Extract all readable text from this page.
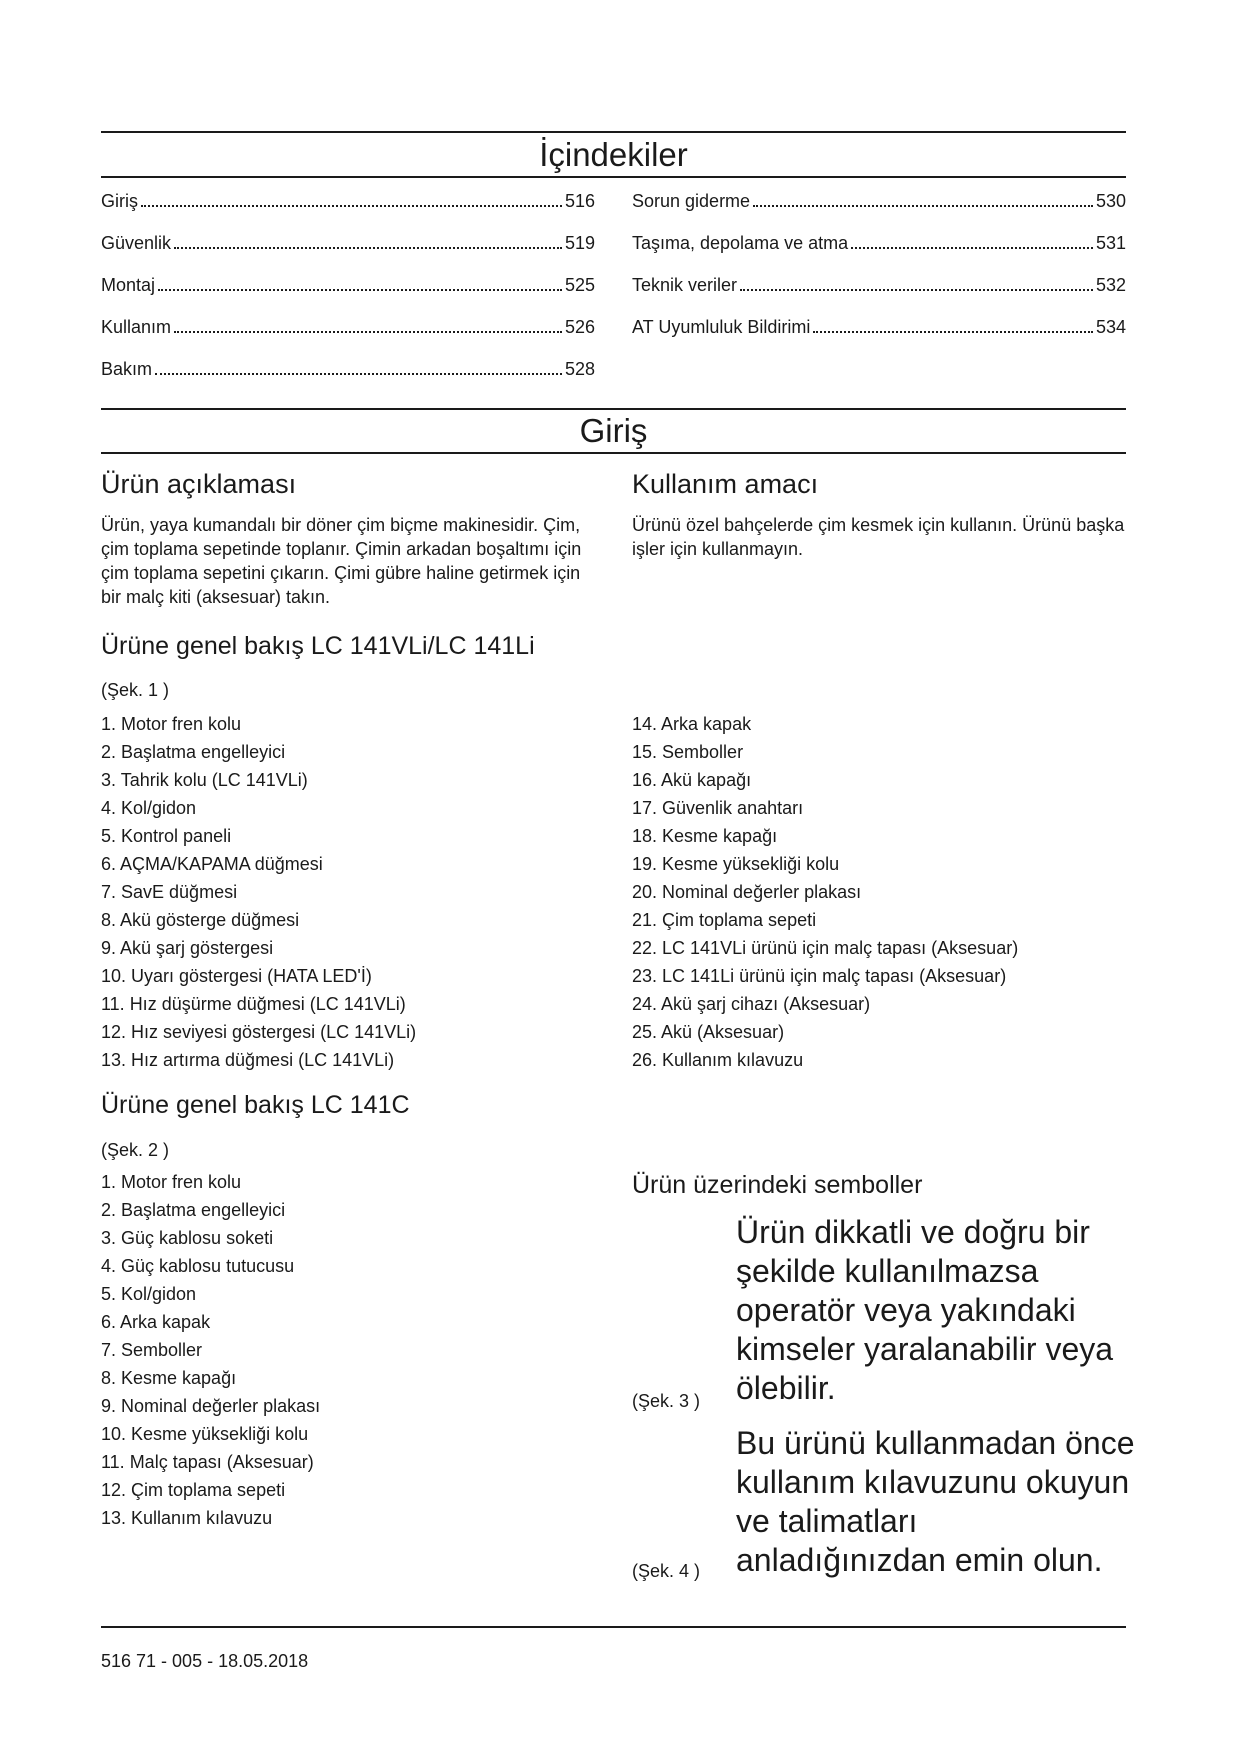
İçindekiler
Giriş	516
Güvenlik	519
Montaj	525
Kullanım	526
Bakım	528
Sorun giderme	530
Taşıma, depolama ve atma	531
Teknik veriler	532
AT Uyumluluk Bildirimi	534
Giriş
Ürün açıklaması

Ürün, yaya kumandalı bir döner çim biçme makinesidir. Çim, çim toplama sepetinde toplanır. Çimin arkadan boşaltımı için çim toplama sepetini çıkarın. Çimi gübre haline getirmek için bir malç kiti (aksesuar) takın.

Kullanım amacı

Ürünü özel bahçelerde çim kesmek için kullanın. Ürünü başka işler için kullanmayın.

Ürüne genel bakış LC 141VLi/LC 141Li
(Şek. 1 )
1. Motor fren kolu
2. Başlatma engelleyici
3. Tahrik kolu (LC 141VLi)
4. Kol/gidon
5. Kontrol paneli
6. AÇMA/KAPAMA düğmesi
7. SavE düğmesi
8. Akü gösterge düğmesi
9. Akü şarj göstergesi
10. Uyarı göstergesi (HATA LED'İ)
11. Hız düşürme düğmesi (LC 141VLi)
12. Hız seviyesi göstergesi (LC 141VLi)
13. Hız artırma düğmesi (LC 141VLi)
14. Arka kapak
15. Semboller
16. Akü kapağı
17. Güvenlik anahtarı
18. Kesme kapağı
19. Kesme yüksekliği kolu
20. Nominal değerler plakası
21. Çim toplama sepeti
22. LC 141VLi ürünü için malç tapası (Aksesuar)
23. LC 141Li ürünü için malç tapası (Aksesuar)
24. Akü şarj cihazı (Aksesuar)
25. Akü (Aksesuar)
26. Kullanım kılavuzu
Ürüne genel bakış LC 141C
(Şek. 2 )
1. Motor fren kolu
2. Başlatma engelleyici
3. Güç kablosu soketi
4. Güç kablosu tutucusu
5. Kol/gidon
6. Arka kapak
7. Semboller
8. Kesme kapağı
9. Nominal değerler plakası
10. Kesme yüksekliği kolu
11. Malç tapası (Aksesuar)
12. Çim toplama sepeti
13. Kullanım kılavuzu
Ürün üzerindeki semboller

Ürün dikkatli ve doğru bir şekilde kullanılmazsa operatör veya yakındaki kimseler yaralanabilir veya ölebilir.

(Şek. 3 )

Bu ürünü kullanmadan önce kullanım kılavuzunu okuyun ve talimatları anladığınızdan emin olun.

(Şek. 4 )
516 71 - 005 - 18.05.2018
